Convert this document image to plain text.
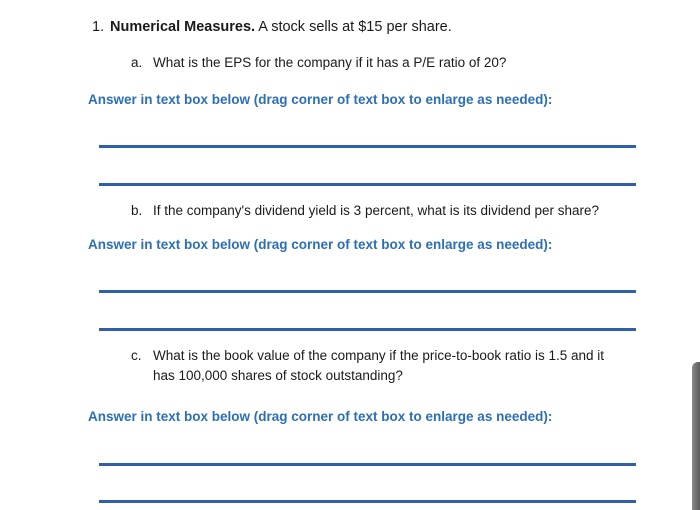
1. Numerical Measures. A stock sells at $15 per share.
a. What is the EPS for the company if it has a P/E ratio of 20?
Answer in text box below (drag corner of text box to enlarge as needed):
b. If the company's dividend yield is 3 percent, what is its dividend per share?
Answer in text box below (drag corner of text box to enlarge as needed):
c. What is the book value of the company if the price-to-book ratio is 1.5 and it
has 100,000 shares of stock outstanding?
Answer in text box below (drag corner of text box to enlarge as needed):
